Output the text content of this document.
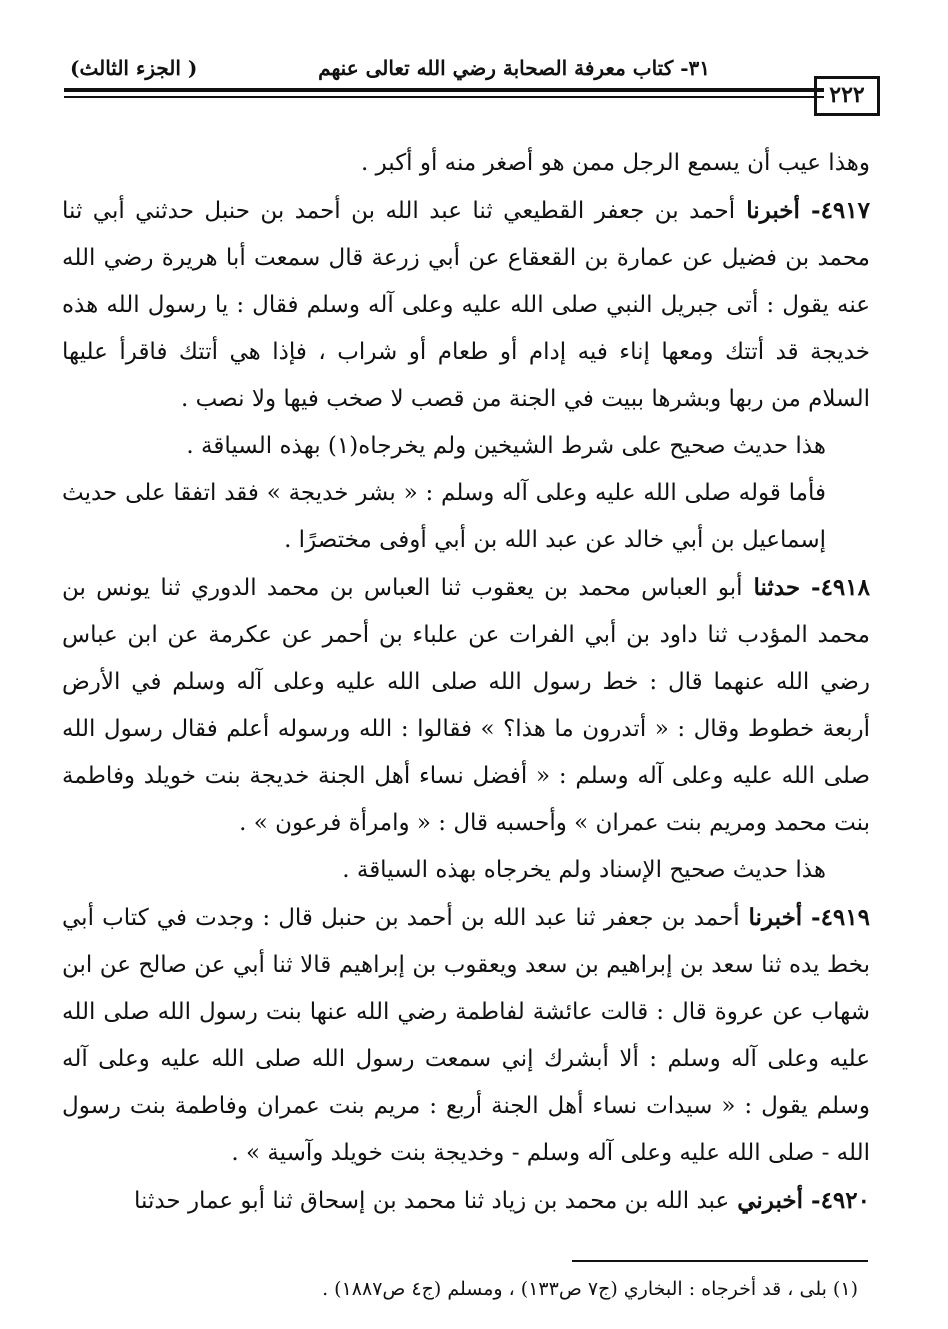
٣١- كتاب معرفة الصحابة رضي الله تعالى عنهم
( الجزء الثالث)
٢٢٢

وهذا عيب أن يسمع الرجل ممن هو أصغر منه أو أكبر .

٤٩١٧- أخبرنا أحمد بن جعفر القطيعي ثنا عبد الله بن أحمد بن حنبل حدثني أبي ثنا محمد بن فضيل عن عمارة بن القعقاع عن أبي زرعة قال سمعت أبا هريرة رضي الله عنه يقول : أتى جبريل النبي صلى الله عليه وعلى آله وسلم فقال : يا رسول الله هذه خديجة قد أتتك ومعها إناء فيه إدام أو طعام أو شراب ، فإذا هي أتتك فاقرأ عليها السلام من ربها وبشرها ببيت في الجنة من قصب لا صخب فيها ولا نصب .

هذا حديث صحيح على شرط الشيخين ولم يخرجاه(١) بهذه السياقة .

فأما قوله صلى الله عليه وعلى آله وسلم : « بشر خديجة » فقد اتفقا على حديث إسماعيل بن أبي خالد عن عبد الله بن أبي أوفى مختصرًا .

٤٩١٨- حدثنا أبو العباس محمد بن يعقوب ثنا العباس بن محمد الدوري ثنا يونس بن محمد المؤدب ثنا داود بن أبي الفرات عن علباء بن أحمر عن عكرمة عن ابن عباس رضي الله عنهما قال : خط رسول الله صلى الله عليه وعلى آله وسلم في الأرض أربعة خطوط وقال : « أتدرون ما هذا؟ » فقالوا : الله ورسوله أعلم فقال رسول الله صلى الله عليه وعلى آله وسلم : « أفضل نساء أهل الجنة خديجة بنت خويلد وفاطمة بنت محمد ومريم بنت عمران » وأحسبه قال : « وامرأة فرعون » .

هذا حديث صحيح الإسناد ولم يخرجاه بهذه السياقة .

٤٩١٩- أخبرنا أحمد بن جعفر ثنا عبد الله بن أحمد بن حنبل قال : وجدت في كتاب أبي بخط يده ثنا سعد بن إبراهيم بن سعد ويعقوب بن إبراهيم قالا ثنا أبي عن صالح عن ابن شهاب عن عروة قال : قالت عائشة لفاطمة رضي الله عنها بنت رسول الله صلى الله عليه وعلى آله وسلم : ألا أبشرك إني سمعت رسول الله صلى الله عليه وعلى آله وسلم يقول : « سيدات نساء أهل الجنة أربع : مريم بنت عمران وفاطمة بنت رسول الله - صلى الله عليه وعلى آله وسلم - وخديجة بنت خويلد وآسية » .

٤٩٢٠- أخبرني عبد الله بن محمد بن زياد ثنا محمد بن إسحاق ثنا أبو عمار حدثنا

(١) بلى ، قد أخرجاه : البخاري (ج٧ ص١٣٣) ، ومسلم (ج٤ ص١٨٨٧) .
